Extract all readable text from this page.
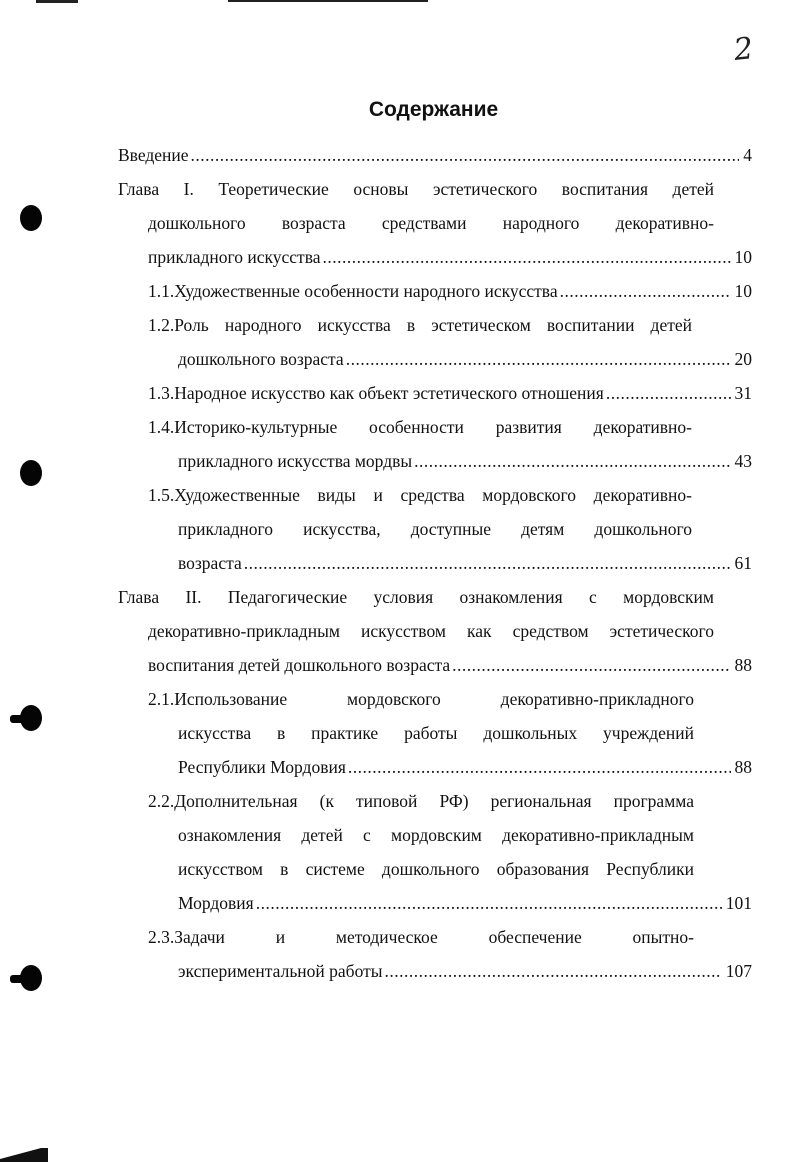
2
Содержание
Введение .....	4
Глава I. Теоретические основы эстетического воспитания детей
дошкольного возраста средствами народного декоративно-
прикладного искусства .....	10
1.1.Художественные особенности народного искусства .....	10
1.2.Роль народного искусства в эстетическом воспитании детей
дошкольного возраста .....	20
1.3.Народное искусство как объект эстетического отношения .....	31
1.4.Историко-культурные особенности развития декоративно-
прикладного искусства мордвы .....	43
1.5.Художественные виды и средства мордовского декоративно-
прикладного искусства, доступные детям дошкольного
возраста .....	61
Глава II. Педагогические условия ознакомления с мордовским
декоративно-прикладным искусством как средством эстетического
воспитания детей дошкольного возраста .....	88
2.1.Использование мордовского декоративно-прикладного
искусства в практике работы дошкольных учреждений
Республики Мордовия .....	88
2.2.Дополнительная (к типовой РФ) региональная программа
ознакомления детей с мордовским декоративно-прикладным
искусством в системе дошкольного образования Республики
Мордовия .....	101
2.3.Задачи и методическое обеспечение опытно-
экспериментальной работы .....	107
